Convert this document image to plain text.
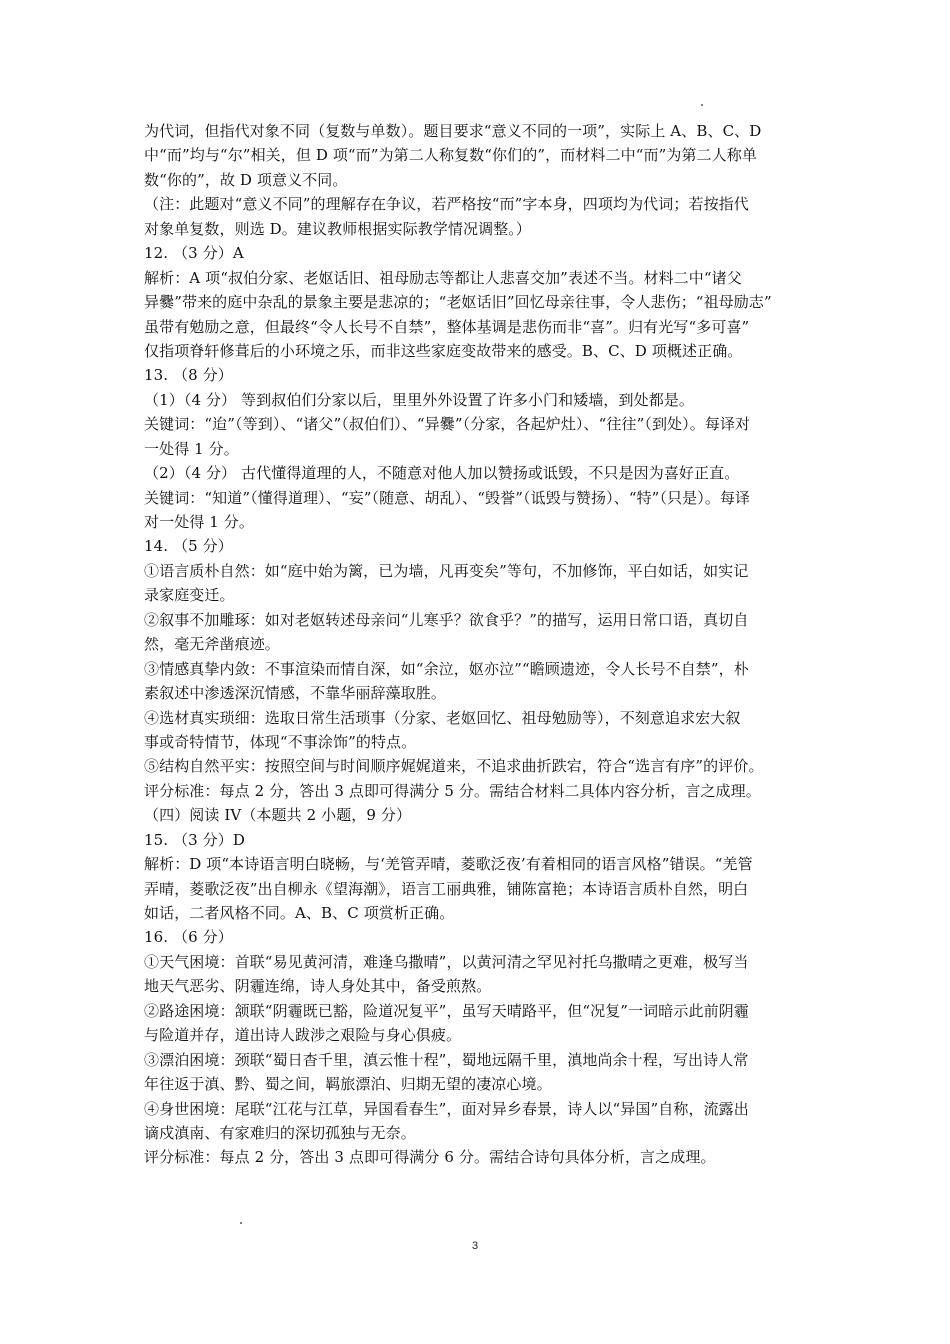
为代词，但指代对象不同（复数与单数）。题目要求“意义不同的一项”，实际上 A、B、C、D
中“而”均与“尔”相关，但 D 项“而”为第二人称复数“你们的”，而材料二中“而”为第二人称单
数“你的”，故 D 项意义不同。
（注：此题对“意义不同”的理解存在争议，若严格按“而”字本身，四项均为代词；若按指代
对象单复数，则选 D。建议教师根据实际教学情况调整。）
12. （3 分）A
解析：A 项“叔伯分家、老妪话旧、祖母励志等都让人悲喜交加”表述不当。材料二中“诸父
异爨”带来的庭中杂乱的景象主要是悲凉的；“老妪话旧”回忆母亲往事，令人悲伤；“祖母励志”
虽带有勉励之意，但最终“令人长号不自禁”，整体基调是悲伤而非“喜”。归有光写“多可喜”
仅指项脊轩修葺后的小环境之乐，而非这些家庭变故带来的感受。B、C、D 项概述正确。
13. （8 分）
（1）（4 分） 等到叔伯们分家以后，里里外外设置了许多小门和矮墙，到处都是。
关键词：“迨”（等到）、“诸父”（叔伯们）、“异爨”（分家，各起炉灶）、“往往”（到处）。每译对
一处得 1 分。
（2）（4 分） 古代懂得道理的人，不随意对他人加以赞扬或诋毁，不只是因为喜好正直。
关键词：“知道”（懂得道理）、“妄”（随意、胡乱）、“毁誉”（诋毁与赞扬）、“特”（只是）。每译
对一处得 1 分。
14. （5 分）
①语言质朴自然：如“庭中始为篱，已为墙，凡再变矣”等句，不加修饰，平白如话，如实记
录家庭变迁。
②叙事不加雕琢：如对老妪转述母亲问“儿寒乎？欲食乎？”的描写，运用日常口语，真切自
然，毫无斧凿痕迹。
③情感真挚内敛：不事渲染而情自深，如“余泣，妪亦泣”“瞻顾遗迹，令人长号不自禁”，朴
素叙述中渗透深沉情感，不靠华丽辞藻取胜。
④选材真实琐细：选取日常生活琐事（分家、老妪回忆、祖母勉励等），不刻意追求宏大叙
事或奇特情节，体现“不事涂饰”的特点。
⑤结构自然平实：按照空间与时间顺序娓娓道来，不追求曲折跌宕，符合“选言有序”的评价。
评分标准：每点 2 分，答出 3 点即可得满分 5 分。需结合材料二具体内容分析，言之成理。
（四）阅读 IV（本题共 2 小题，9 分）
15. （3 分）D
解析：D 项“本诗语言明白晓畅，与‘羌管弄晴，菱歌泛夜’有着相同的语言风格”错误。“羌管
弄晴，菱歌泛夜”出自柳永《望海潮》，语言工丽典雅，铺陈富艳；本诗语言质朴自然，明白
如话，二者风格不同。A、B、C 项赏析正确。
16. （6 分）
①天气困境：首联“易见黄河清，难逢乌撒晴”，以黄河清之罕见衬托乌撒晴之更难，极写当
地天气恶劣、阴霾连绵，诗人身处其中，备受煎熬。
②路途困境：颔联“阴霾既已豁，险道况复平”，虽写天晴路平，但“况复”一词暗示此前阴霾
与险道并存，道出诗人跋涉之艰险与身心俱疲。
③漂泊困境：颈联“蜀日杳千里，滇云惟十程”，蜀地远隔千里，滇地尚余十程，写出诗人常
年往返于滇、黔、蜀之间，羁旅漂泊、归期无望的凄凉心境。
④身世困境：尾联“江花与江草，异国看春生”，面对异乡春景，诗人以“异国”自称，流露出
谪戍滇南、有家难归的深切孤独与无奈。
评分标准：每点 2 分，答出 3 点即可得满分 6 分。需结合诗句具体分析，言之成理。
3
